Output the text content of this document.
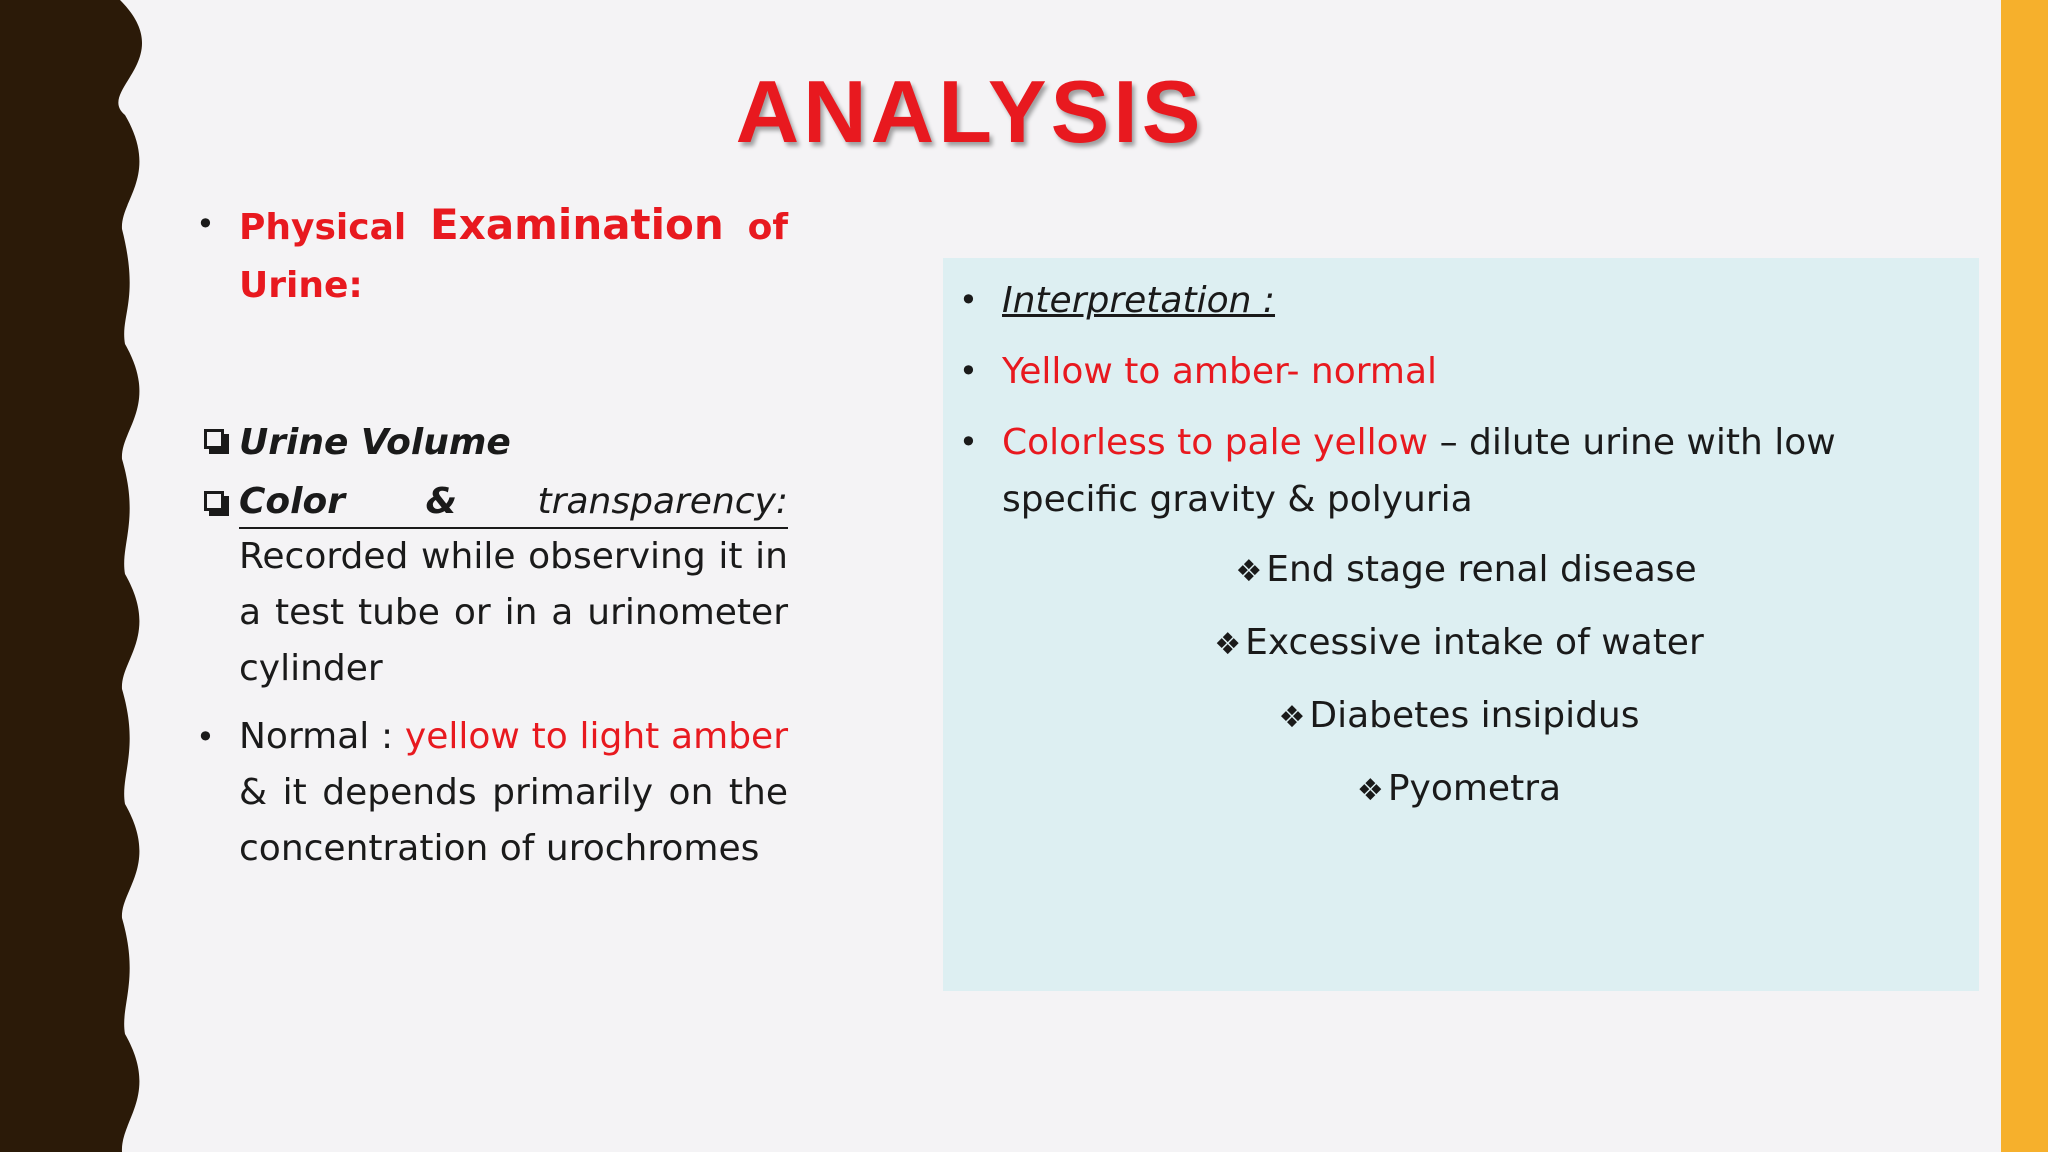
ANALYSIS
• Physical Examination of Urine:
Urine Volume
Color & transparency:
Recorded while observing it in a test tube or in a urinometer cylinder
• Normal : yellow to light amber & it depends primarily on the concentration of urochromes
• Interpretation :
• Yellow to amber- normal
• Colorless to pale yellow – dilute urine with low specific gravity & polyuria
❖ End stage renal disease
❖ Excessive intake of water
❖ Diabetes insipidus
❖ Pyometra
